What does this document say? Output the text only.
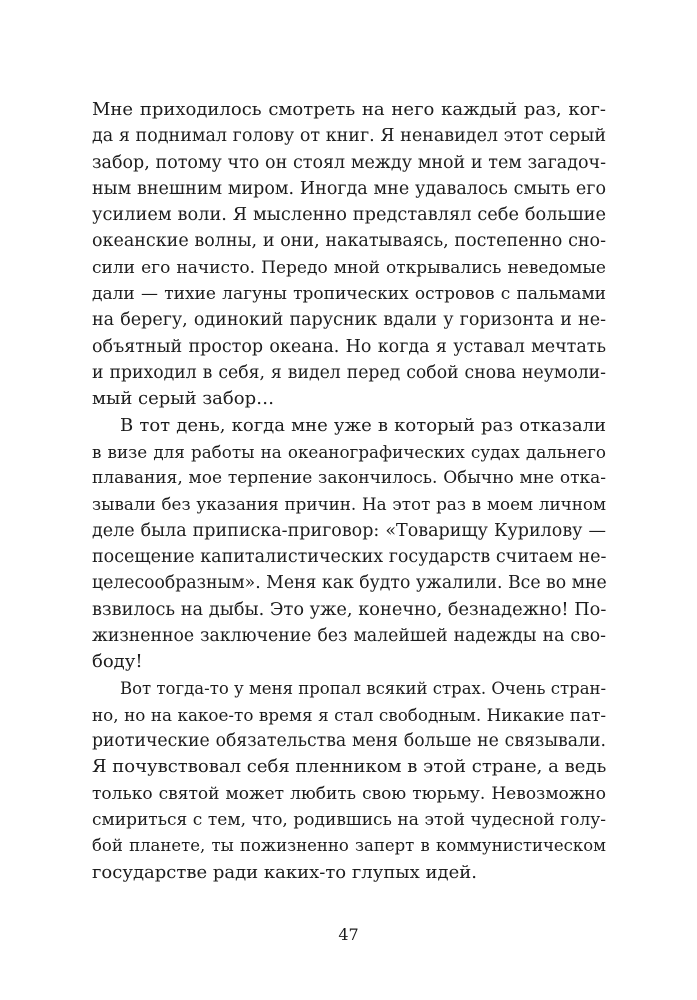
Мне приходилось смотреть на него каждый раз, ког-
да я поднимал голову от книг. Я ненавидел этот серый
забор, потому что он стоял между мной и тем загадоч-
ным внешним миром. Иногда мне удавалось смыть его
усилием воли. Я мысленно представлял себе большие
океанские волны, и они, накатываясь, постепенно сно-
сили его начисто. Передо мной открывались неведомые
дали — тихие лагуны тропических островов с пальмами
на берегу, одинокий парусник вдали у горизонта и не-
объятный простор океана. Но когда я уставал мечтать
и приходил в себя, я видел перед собой снова неумоли-
мый серый забор…
В тот день, когда мне уже в который раз отказали
в визе для работы на океанографических судах дальнего
плавания, мое терпение закончилось. Обычно мне отка-
зывали без указания причин. На этот раз в моем личном
деле была приписка-приговор: «Товарищу Курилову —
посещение капиталистических государств считаем не-
целесообразным». Меня как будто ужалили. Все во мне
взвилось на дыбы. Это уже, конечно, безнадежно! По-
жизненное заключение без малейшей надежды на сво-
боду!
Вот тогда-то у меня пропал всякий страх. Очень стран-
но, но на какое-то время я стал свободным. Никакие пат-
риотические обязательства меня больше не связывали.
Я почувствовал себя пленником в этой стране, а ведь
только святой может любить свою тюрьму. Невозможно
смириться с тем, что, родившись на этой чудесной голу-
бой планете, ты пожизненно заперт в коммунистическом
государстве ради каких-то глупых идей.
47
